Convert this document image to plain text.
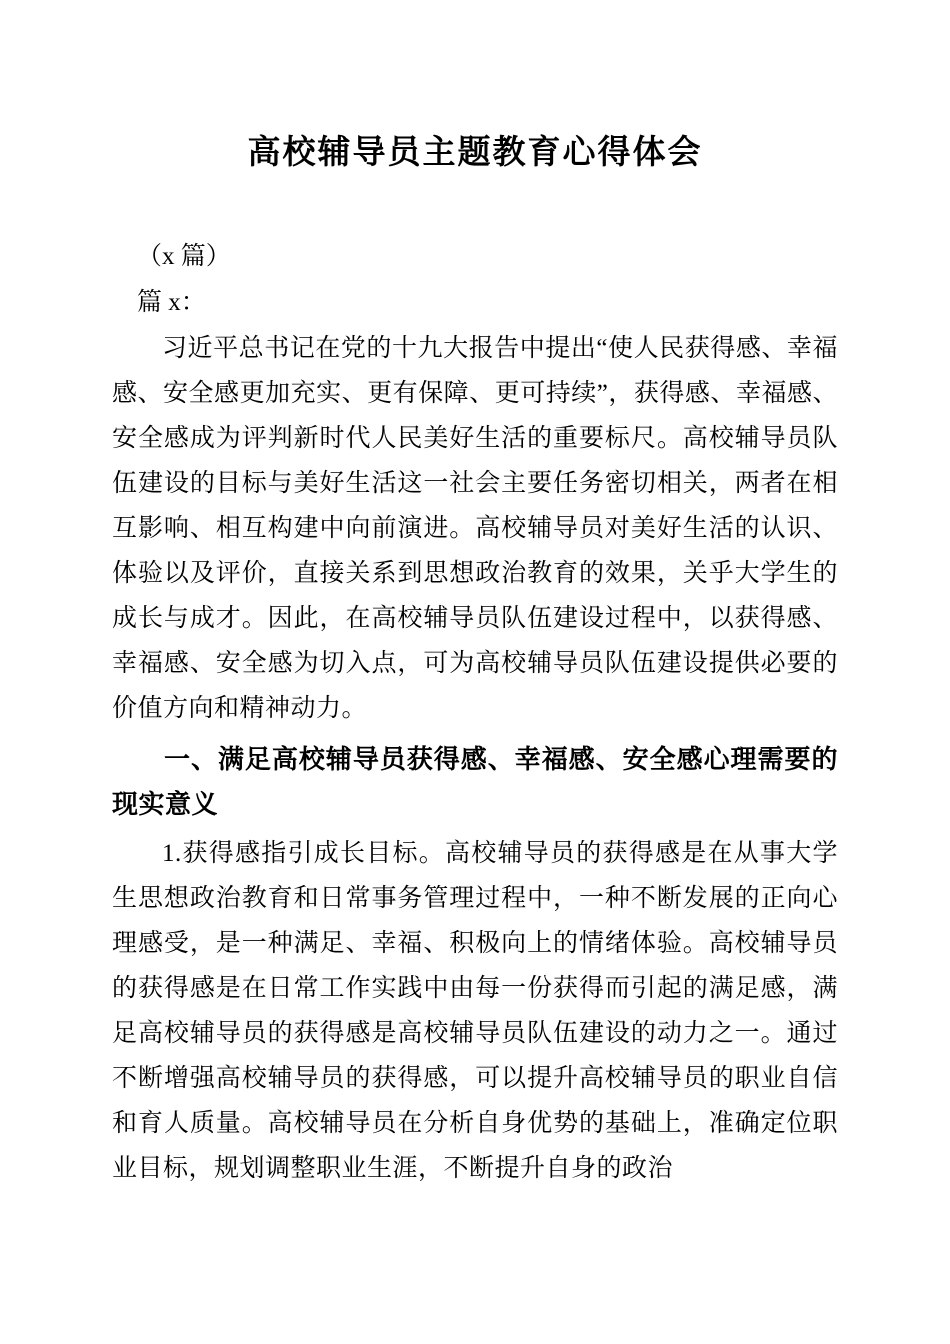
高校辅导员主题教育心得体会

（x 篇）

篇 x：

习近平总书记在党的十九大报告中提出“使人民获得感、幸福感、安全感更加充实、更有保障、更可持续”，获得感、幸福感、安全感成为评判新时代人民美好生活的重要标尺。高校辅导员队伍建设的目标与美好生活这一社会主要任务密切相关，两者在相互影响、相互构建中向前演进。高校辅导员对美好生活的认识、体验以及评价，直接关系到思想政治教育的效果，关乎大学生的成长与成才。因此，在高校辅导员队伍建设过程中，以获得感、幸福感、安全感为切入点，可为高校辅导员队伍建设提供必要的价值方向和精神动力。

一、满足高校辅导员获得感、幸福感、安全感心理需要的现实意义

1.获得感指引成长目标。高校辅导员的获得感是在从事大学生思想政治教育和日常事务管理过程中，一种不断发展的正向心理感受，是一种满足、幸福、积极向上的情绪体验。高校辅导员的获得感是在日常工作实践中由每一份获得而引起的满足感，满足高校辅导员的获得感是高校辅导员队伍建设的动力之一。通过不断增强高校辅导员的获得感，可以提升高校辅导员的职业自信和育人质量。高校辅导员在分析自身优势的基础上，准确定位职业目标，规划调整职业生涯，不断提升自身的政治
